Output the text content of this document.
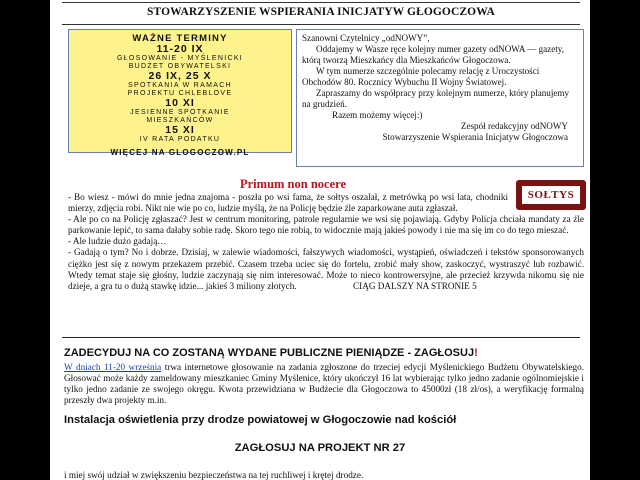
STOWARZYSZENIE WSPIERANIA INICJATYW GŁOGOCZOWA
WAŻNE TERMINY
11-20 IX
GŁOSOWANIE - MYŚLENICKI
BUDŻET OBYWATELSKI
26 IX, 25 X
SPOTKANIA W RAMACH
PROJEKTU CHLEBLOVE
10 XI
JESIENNE SPOTKANIE
MIESZKAŃCÓW
15 XI
IV RATA PODATKU
WIĘCEJ NA GLOGOCZOW.PL

Szanowni Czytelnicy „odNOWY”,

Oddajemy w Wasze ręce kolejny numer gazety odNOWA — gazety, którą tworzą Mieszkańcy dla Mieszkańców Głogoczowa.

W tym numerze szczególnie polecamy relację z Uroczystości Obchodów 80. Rocznicy Wybuchu II Wojny Światowej.

Zapraszamy do współpracy przy kolejnym numerze, który planujemy na grudzień.

Razem możemy więcej:)

Zespół redakcyjny odNOWY

Stowarzyszenie Wspierania Inicjatyw Głogoczowa

Primum non nocere
SOŁTYS

- Bo wiesz - mówi do mnie jedna znajoma - poszła po wsi fama, że sołtys oszalał, z metrówką po wsi lata, chodniki mierzy, zdjęcia robi. Nikt nie wie po co, ludzie myślą, że na Policję będzie źle zaparkowane auta zgłaszał.

- Ale po co na Policję zgłaszać? Jest w centrum monitoring, patrole regularnie we wsi się pojawiają. Gdyby Policja chciała mandaty za źle parkowanie lepić, to sama dałaby sobie radę. Skoro tego nie robią, to widocznie mają jakieś powody i nie ma się im co do tego mieszać.

- Ale ludzie dużo gadają…

- Gadają o tym? No i dobrze. Dzisiaj, w zalewie wiadomości, fałszywych wiadomości, wystąpień, oświadczeń i tekstów sponsorowanych ciężko jest się z nowym przekazem przebić. Czasem trzeba uciec się do fortelu, zrobić mały show, zaskoczyć, wystraszyć lub rozbawić. Wtedy temat staje się głośny, ludzie zaczynają się nim interesować. Może to nieco kontrowersyjne, ale przecież krzywda nikomu się nie dzieje, a gra tu o dużą stawkę idzie... jakieś 3 miliony złotych.	CIĄG DALSZY NA STRONIE 5

ZADECYDUJ NA CO ZOSTANĄ WYDANE PUBLICZNE PIENIĄDZE - ZAGŁOSUJ!
W dniach 11-20 września trwa internetowe głosowanie na zadania zgłoszone do trzeciej edycji Myślenickiego Budżetu Obywatelskiego. Głosować może każdy zameldowany mieszkaniec Gminy Myślenice, który ukończył 16 lat wybierając tylko jedno zadanie ogólnomiejskie i tylko jedno zadanie ze swojego okręgu. Kwota przewidziana w Budżecie dla Głogoczowa to 45000zł (18 zł/os), a weryfikację formalną przeszły dwa projekty m.in.
Instalacja oświetlenia przy drodze powiatowej w Głogoczowie nad kościół
ZAGŁOSUJ NA PROJEKT NR 27
i miej swój udział w zwiększeniu bezpieczeństwa na tej ruchliwej i krętej drodze.
